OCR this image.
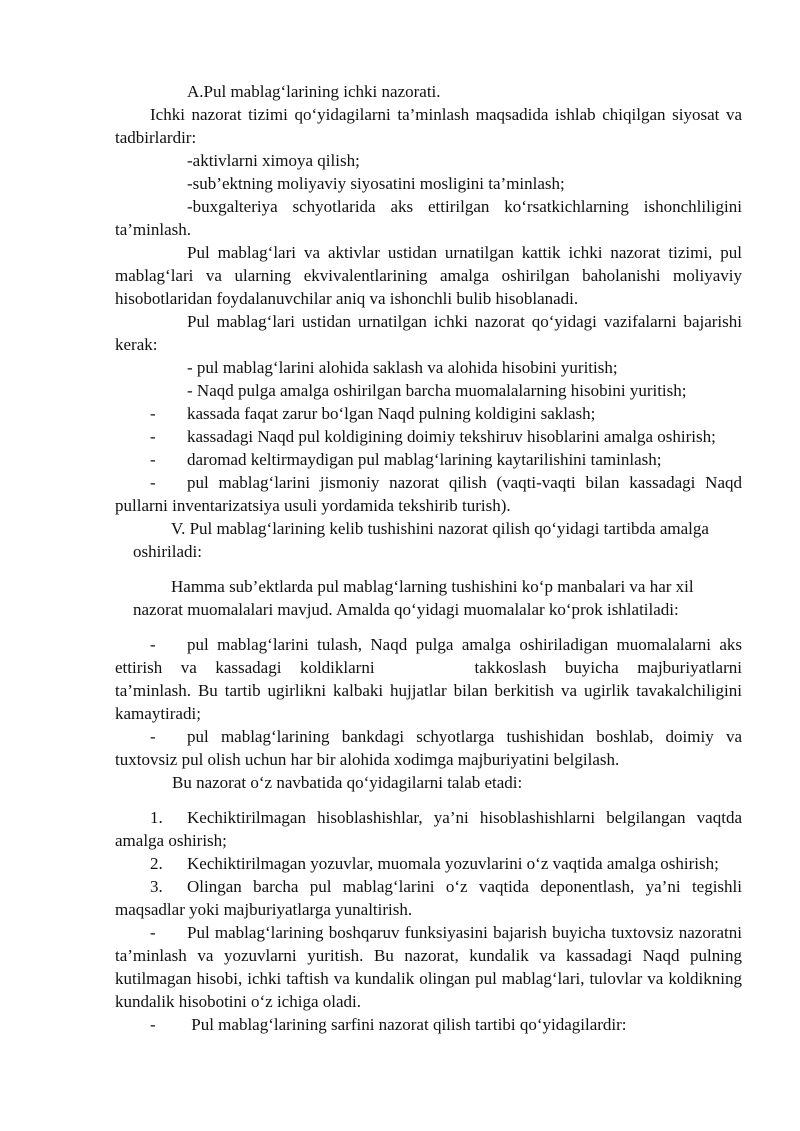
A.Pul mablag‘larining ichki nazorati.

Ichki nazorat tizimi qo‘yidagilarni ta’minlash maqsadida ishlab chiqilgan siyosat va tadbirlardir:

-aktivlarni ximoya qilish;

-sub’ektning moliyaviy siyosatini mosligini ta’minlash;

-buxgalteriya schyotlarida aks ettirilgan ko‘rsatkichlarning ishonchliligini ta’minlash.

Pul mablag‘lari va aktivlar ustidan urnatilgan kattik ichki nazorat tizimi, pul mablag‘lari va ularning ekvivalentlarining amalga oshirilgan baholanishi moliyaviy hisobotlaridan foydalanuvchilar aniq va ishonchli bulib hisoblanadi.

Pul mablag‘lari ustidan urnatilgan ichki nazorat qo‘yidagi vazifalarni bajarishi kerak:

- pul mablag‘larini alohida saklash va alohida hisobini yuritish;

- Naqd pulga amalga oshirilgan barcha muomalalarning hisobini yuritish;

- kassada faqat zarur bo‘lgan Naqd pulning koldigini saklash;

- kassadagi Naqd pul koldigining doimiy tekshiruv hisoblarini amalga oshirish;

- daromad keltirmaydigan pul mablag‘larining kaytarilishini taminlash;

- pul mablag‘larini jismoniy nazorat qilish (vaqti-vaqti bilan kassadagi Naqd pullarni inventarizatsiya usuli yordamida tekshirib turish).

V. Pul mablag‘larining kelib tushishini nazorat qilish qo‘yidagi tartibda amalga oshiriladi:

Hamma sub’ektlarda pul mablag‘larning tushishini ko‘p manbalari va har xil nazorat muomalalari mavjud. Amalda qo‘yidagi muomalalar ko‘prok ishlatiladi:

- pul mablag‘larini tulash, Naqd pulga amalga oshiriladigan muomalalarni aks ettirish va kassadagi koldiklarni	takkoslash buyicha majburiyatlarni ta’minlash. Bu tartib ugirlikni kalbaki hujjatlar bilan berkitish va ugirlik tavakalchiligini kamaytiradi;

- pul mablag‘larining bankdagi schyotlarga tushishidan boshlab, doimiy va tuxtovsiz pul olish uchun har bir alohida xodimga majburiyatini belgilash.

Bu nazorat o‘z navbatida qo‘yidagilarni talab etadi:

1. Kechiktirilmagan hisoblashishlar, ya’ni hisoblashishlarni belgilangan vaqtda amalga oshirish;

2. Kechiktirilmagan yozuvlar, muomala yozuvlarini o‘z vaqtida amalga oshirish;

3. Olingan barcha pul mablag‘larini o‘z vaqtida deponentlash, ya’ni tegishli maqsadlar yoki majburiyatlarga yunaltirish.

- Pul mablag‘larining boshqaruv funksiyasini bajarish buyicha tuxtovsiz nazoratni ta’minlash va yozuvlarni yuritish. Bu nazorat, kundalik va kassadagi Naqd pulning kutilmagan hisobi, ichki taftish va kundalik olingan pul mablag‘lari, tulovlar va koldikning kundalik hisobotini o‘z ichiga oladi.

- Pul mablag‘larining sarfini nazorat qilish tartibi qo‘yidagilardir:
